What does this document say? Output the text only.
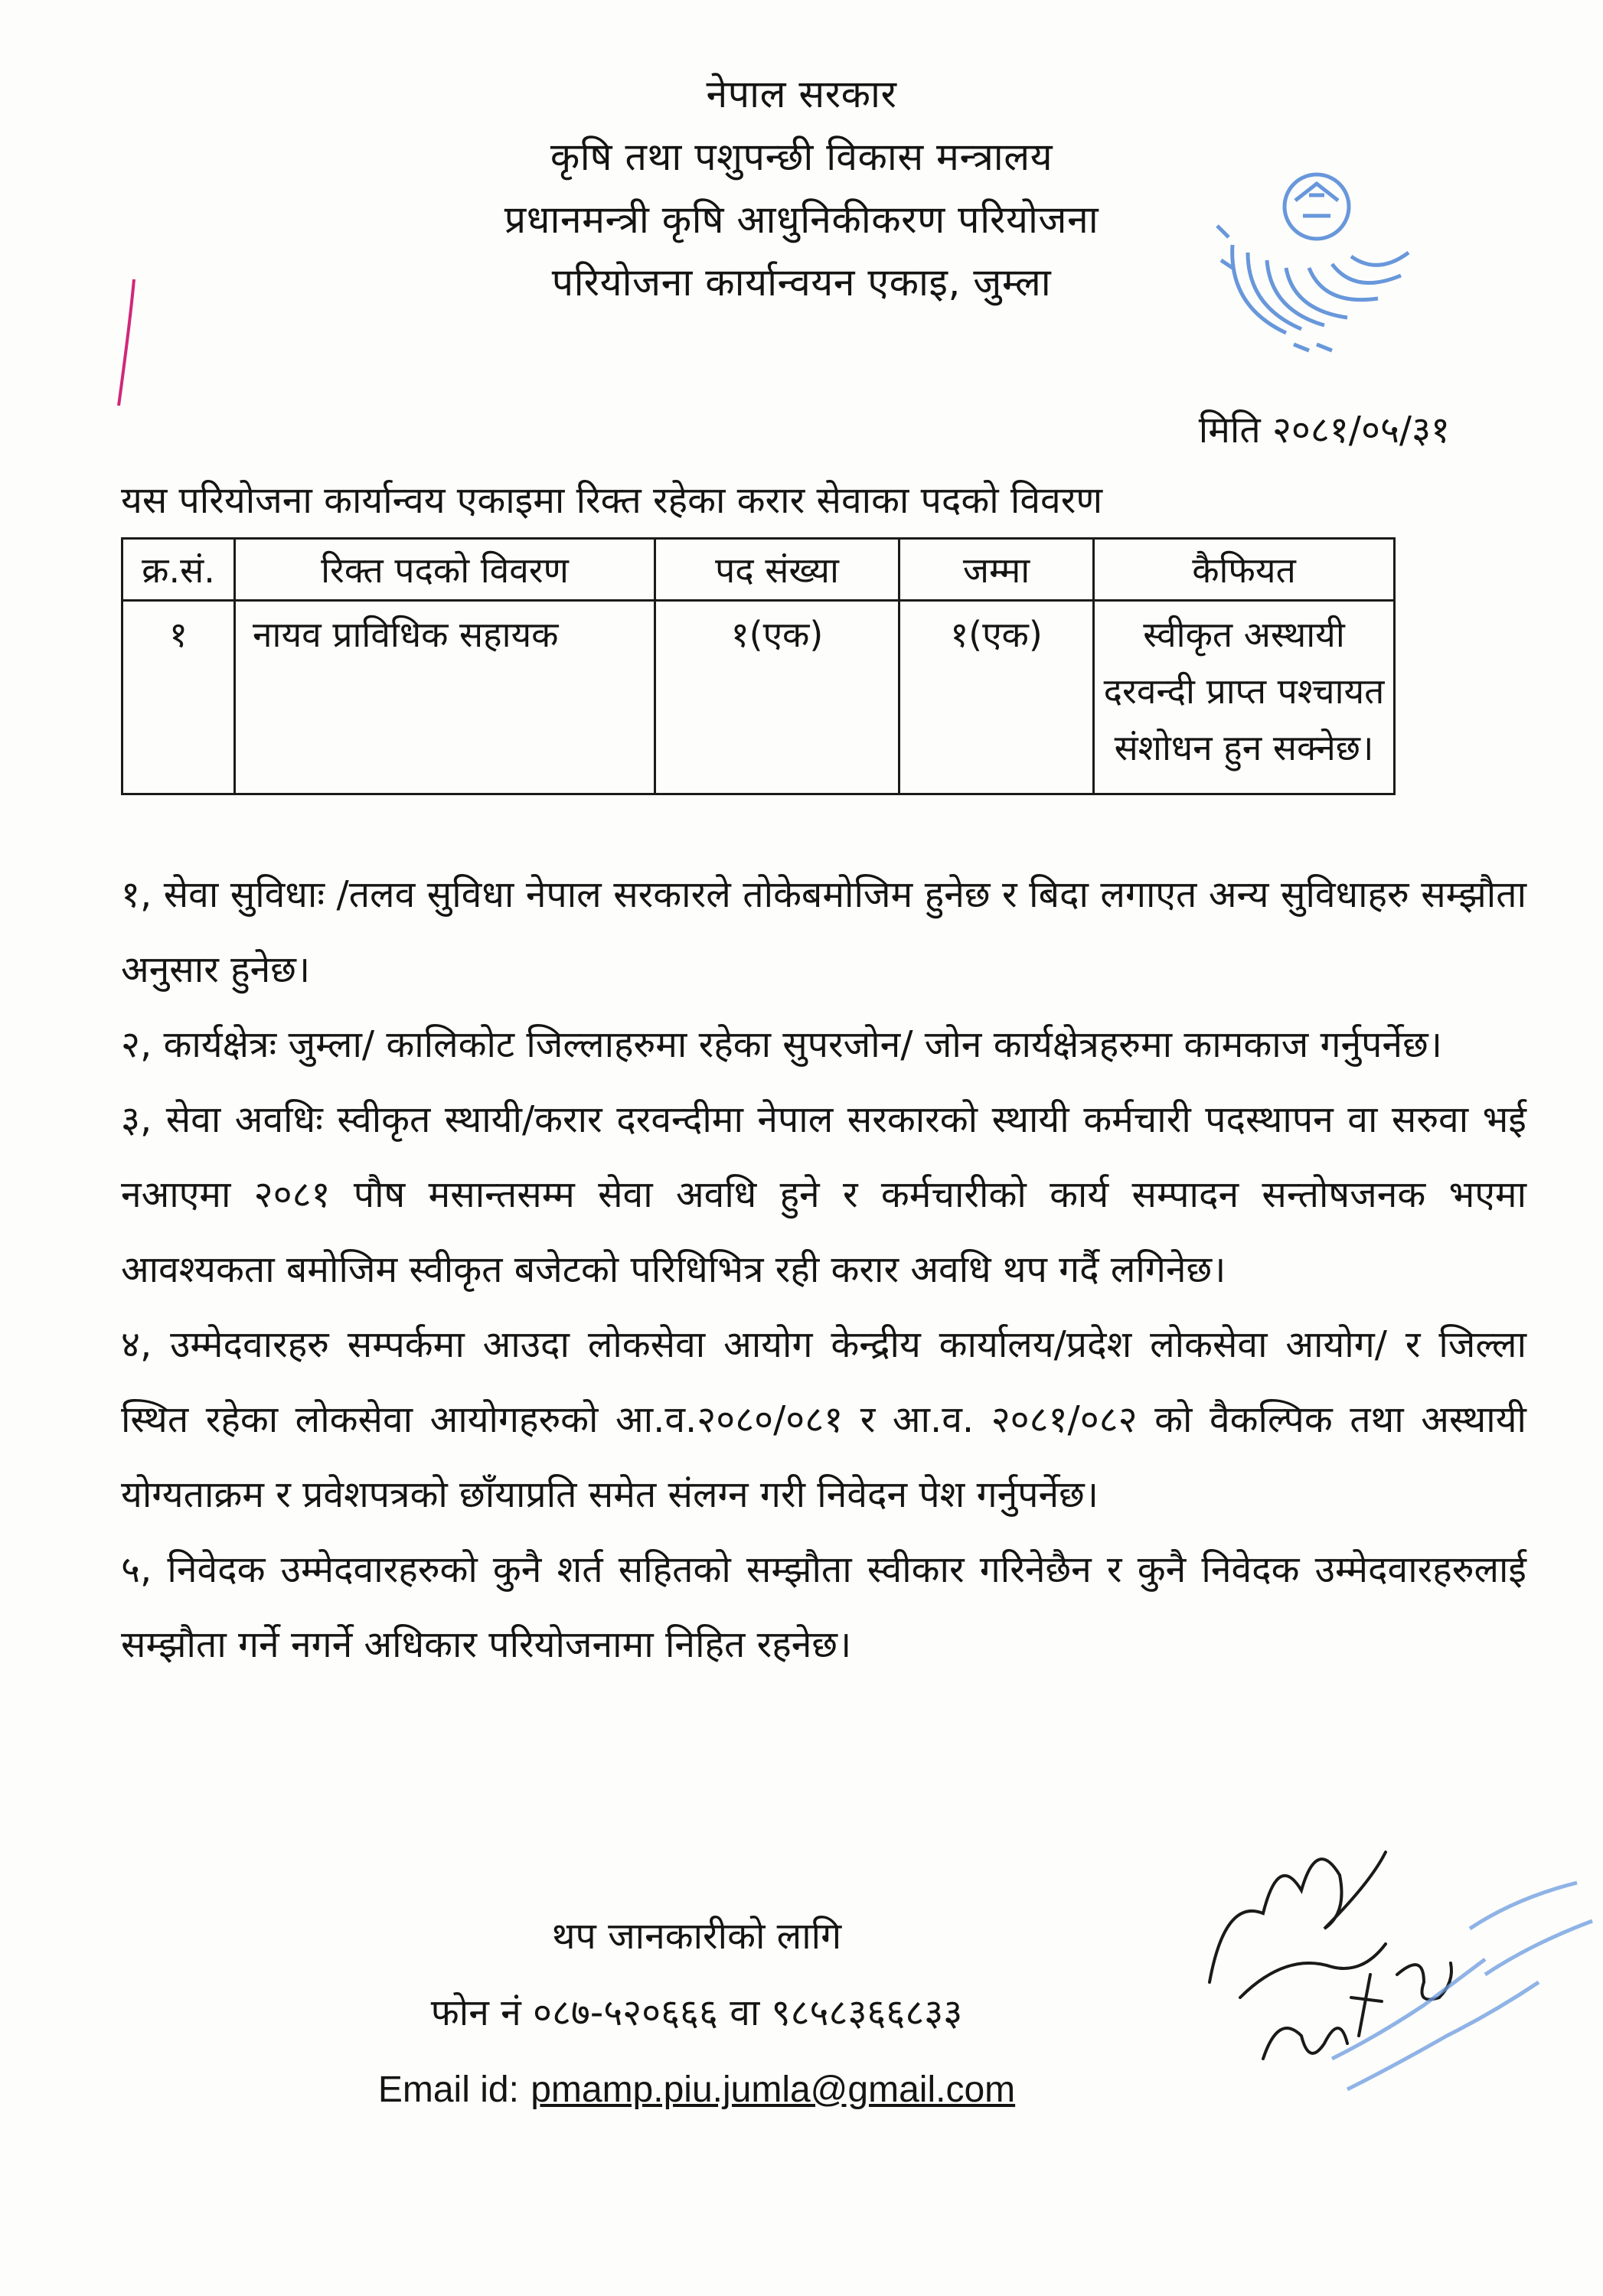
नेपाल सरकार
कृषि तथा पशुपन्छी विकास मन्त्रालय
प्रधानमन्त्री कृषि आधुनिकीकरण परियोजना
परियोजना कार्यान्वयन एकाइ, जुम्ला
मिति २०८१/०५/३१
यस परियोजना कार्यान्वय एकाइमा रिक्त रहेका करार सेवाका पदको विवरण
क्र.सं.	रिक्त पदको विवरण	पद संख्या	जम्मा	कैफियत
१	नायव प्राविधिक सहायक	१(एक)	१(एक)	स्वीकृत अस्थायी दरवन्दी प्राप्त पश्चायत संशोधन हुन सक्नेछ।

१, सेवा सुविधाः /तलव सुविधा नेपाल सरकारले तोकेबमोजिम हुनेछ र बिदा लगाएत अन्य सुविधाहरु सम्झौता अनुसार हुनेछ।

२, कार्यक्षेत्रः जुम्ला/ कालिकोट जिल्लाहरुमा रहेका सुपरजोन/ जोन कार्यक्षेत्रहरुमा कामकाज गर्नुपर्नेछ।

३, सेवा अवधिः स्वीकृत स्थायी/करार दरवन्दीमा नेपाल सरकारको स्थायी कर्मचारी पदस्थापन वा सरुवा भई नआएमा २०८१ पौष मसान्तसम्म सेवा अवधि हुने र कर्मचारीको कार्य सम्पादन सन्तोषजनक भएमा आवश्यकता बमोजिम स्वीकृत बजेटको परिधिभित्र रही करार अवधि थप गर्दै लगिनेछ।

४, उम्मेदवारहरु सम्पर्कमा आउदा लोकसेवा आयोग केन्द्रीय कार्यालय/प्रदेश लोकसेवा आयोग/ र जिल्ला स्थित रहेका लोकसेवा आयोगहरुको आ.व.२०८०/०८१ र आ.व. २०८१/०८२ को वैकल्पिक तथा अस्थायी योग्यताक्रम र प्रवेशपत्रको छाँयाप्रति समेत संलग्न गरी निवेदन पेश गर्नुपर्नेछ।

५, निवेदक उम्मेदवारहरुको कुनै शर्त सहितको सम्झौता स्वीकार गरिनेछैन र कुनै निवेदक उम्मेदवारहरुलाई सम्झौता गर्ने नगर्ने अधिकार परियोजनामा निहित रहनेछ।

थप जानकारीको लागि
फोन नं ०८७-५२०६६६ वा ९८५८३६६८३३
Email id: pmamp.piu.jumla@gmail.com
